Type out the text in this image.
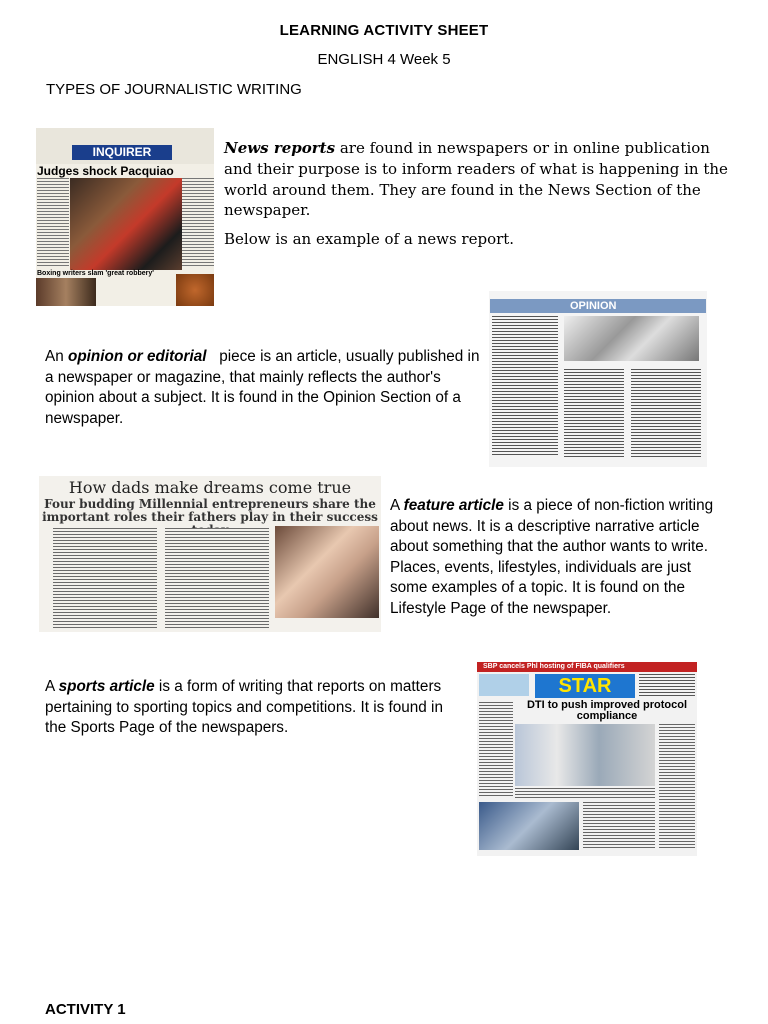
LEARNING ACTIVITY SHEET
ENGLISH 4 Week 5
TYPES OF JOURNALISTIC WRITING
INQUIRER
Judges shock Pacquiao
Boxing writers slam 'great robbery'

News reports are found in newspapers or in online publication and their purpose is to inform readers of what is happening in the world around them. They are found in the News Section of the newspaper.

Below is an example of a news report.

OPINION
An opinion or editorial   piece is an article, usually published in a newspaper or magazine, that mainly reflects the author's opinion about a subject. It is found in the Opinion Section of a newspaper.
How dads make dreams come true
Four budding Millennial entrepreneurs share the important roles their fathers play in their success
A feature article is a piece of non-fiction writing about news. It is a descriptive narrative article about something that the author wants to write. Places, events, lifestyles, individuals are just some examples of a topic. It is found on the Lifestyle Page of the newspaper.
A sports article is a form of writing that reports on matters pertaining to sporting topics and competitions. It is found in the Sports Page of the newspapers.
SBP cancels Phl hosting of FIBA qualifiers
STAR
DTI to push improved protocol compliance
ACTIVITY 1
